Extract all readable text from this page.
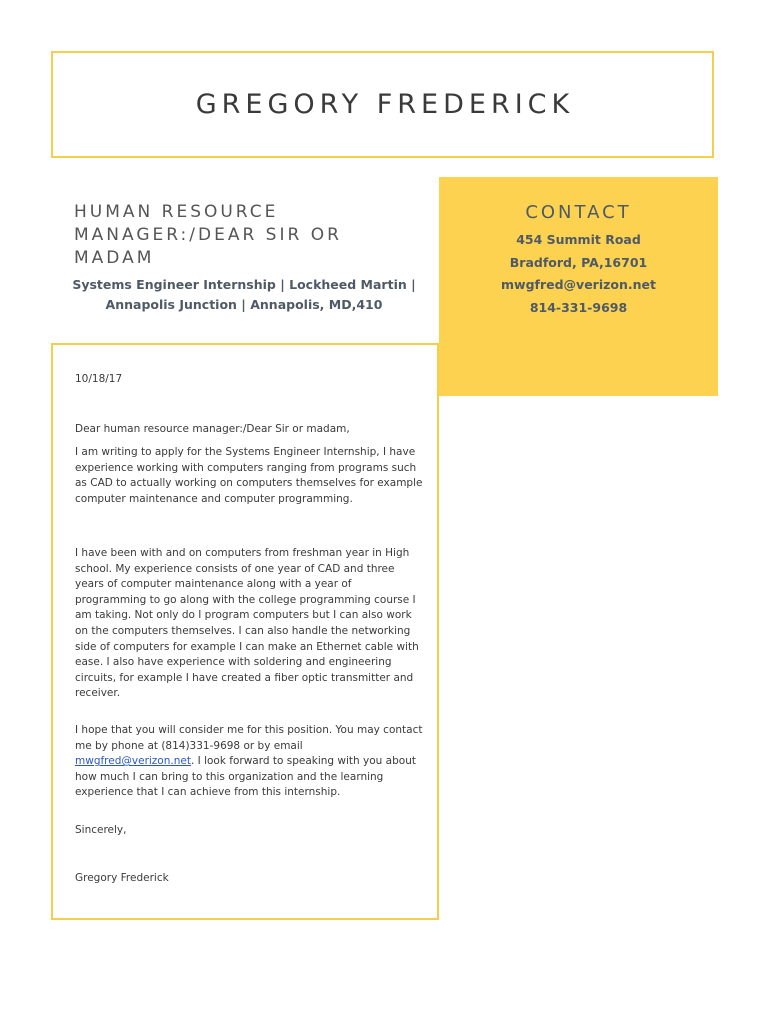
GREGORY FREDERICK
HUMAN RESOURCE MANAGER:/DEAR SIR OR MADAM
Systems Engineer Internship | Lockheed Martin |
Annapolis Junction | Annapolis, MD,410
CONTACT
454 Summit Road
Bradford, PA,16701
mwgfred@verizon.net
814-331-9698
10/18/17
Dear human resource manager:/Dear Sir or madam,
I am writing to apply for the Systems Engineer Internship, I have experience working with computers ranging from programs such as CAD to actually working on computers themselves for example computer maintenance and computer programming.
I have been with and on computers from freshman year in High school. My experience consists of one year of CAD and three years of computer maintenance along with a year of programming to go along with the college programming course I am taking. Not only do I program computers but I can also work on the computers themselves. I can also handle the networking side of computers for example I can make an Ethernet cable with ease. I also have experience with soldering and engineering circuits, for example I have created a fiber optic transmitter and receiver.
I hope that you will consider me for this position. You may contact me by phone at (814)331-9698 or by email mwgfred@verizon.net. I look forward to speaking with you about how much I can bring to this organization and the learning experience that I can achieve from this internship.
Sincerely,
Gregory Frederick
